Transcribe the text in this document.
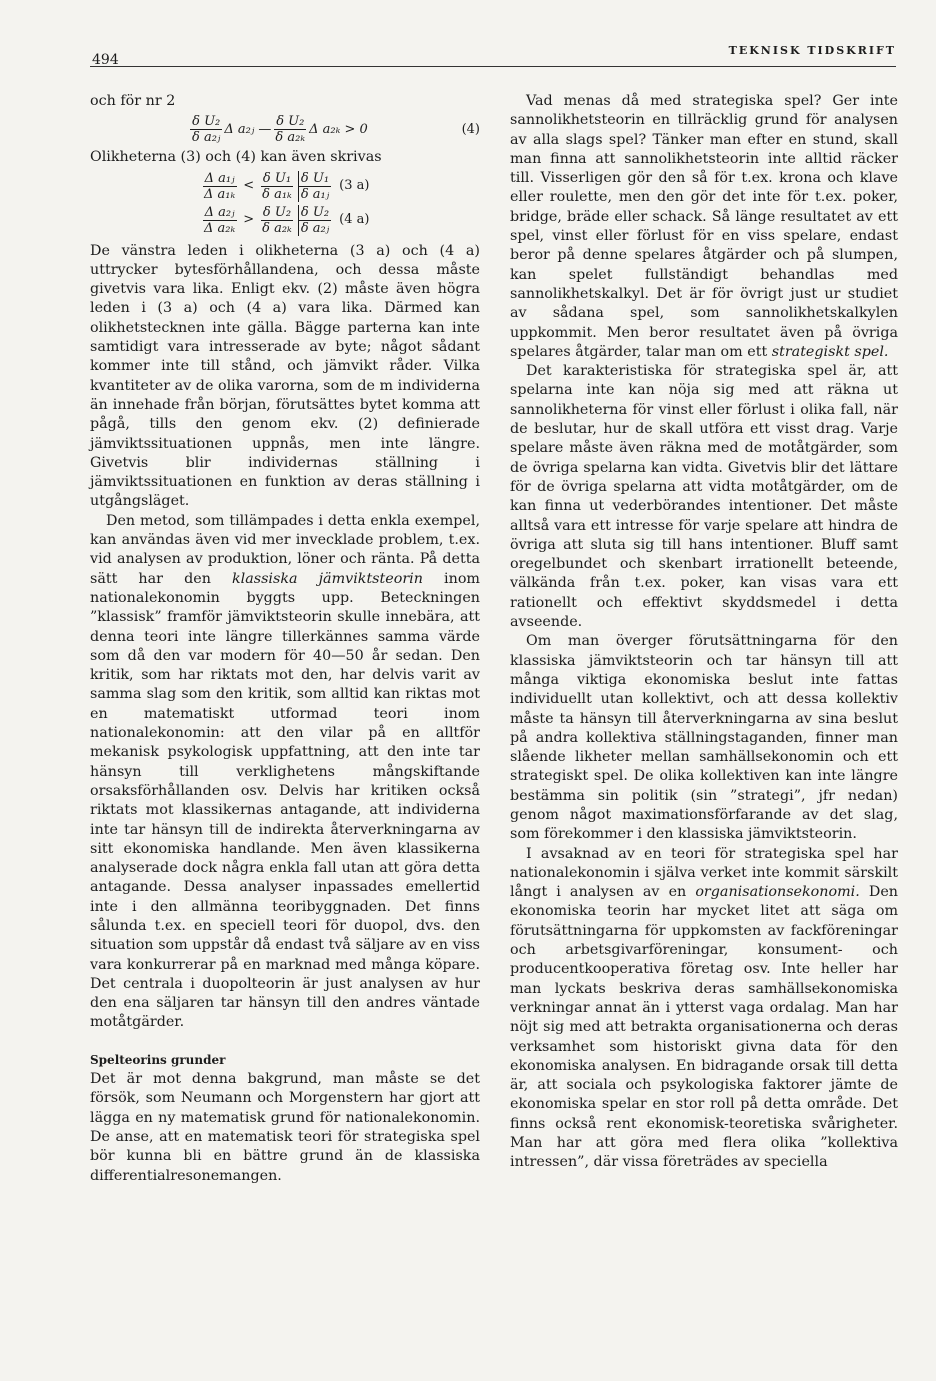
494
TEKNISK TIDSKRIFT

och för nr 2

$\frac{\text{δ U₂}}{\text{δ a₂ⱼ}}$ Δ a₂ⱼ — $\frac{\text{δ U₂}}{\text{δ a₂ₖ}}$ Δ a₂ₖ > 0	(4)

Olikheterna (3) och (4) kan även skrivas

$\frac{\text{Δ a₁ⱼ}}{\text{Δ a₁ₖ}} < \frac{\text{δ U₁}}{\text{δ a₁ₖ}} \frac{\text{δ U₁}}{\text{δ a₁ⱼ}} (3$ a)
$\frac{\text{Δ a₂ⱼ}}{\text{Δ a₂ₖ}} > \frac{\text{δ U₂}}{\text{δ a₂ₖ}} \frac{\text{δ U₂}}{\text{δ a₂ⱼ}} (4$ a)

De vänstra leden i olikheterna (3 a) och (4 a) uttrycker bytesförhållandena, och dessa måste givetvis vara lika. Enligt ekv. (2) måste även högra leden i (3 a) och (4 a) vara lika. Därmed kan olikhetstecknen inte gälla. Bägge parterna kan inte samtidigt vara intresserade av byte; något sådant kommer inte till stånd, och jämvikt råder. Vilka kvantiteter av de olika varorna, som de m individerna än innehade från början, förutsättes bytet komma att pågå, tills den genom ekv. (2) definierade jämviktssituationen uppnås, men inte längre. Givetvis blir individernas ställning i jämviktssituationen en funktion av deras ställning i utgångsläget.

Den metod, som tillämpades i detta enkla exempel, kan användas även vid mer invecklade problem, t.ex. vid analysen av produktion, löner och ränta. På detta sätt har den klassiska jämviktsteorin inom nationalekonomin byggts upp. Beteckningen ”klassisk” framför jämviktsteorin skulle innebära, att denna teori inte längre tillerkännes samma värde som då den var modern för 40—50 år sedan. Den kritik, som har riktats mot den, har delvis varit av samma slag som den kritik, som alltid kan riktas mot en matematiskt utformad teori inom nationalekonomin: att den vilar på en alltför mekanisk psykologisk uppfattning, att den inte tar hänsyn till verklighetens mångskiftande orsaksförhållanden osv. Delvis har kritiken också riktats mot klassikernas antagande, att individerna inte tar hänsyn till de indirekta återverkningarna av sitt ekonomiska handlande. Men även klassikerna analyserade dock några enkla fall utan att göra detta antagande. Dessa analyser inpassades emellertid inte i den allmänna teoribyggnaden. Det finns sålunda t.ex. en speciell teori för duopol, dvs. den situation som uppstår då endast två säljare av en viss vara konkurrerar på en marknad med många köpare. Det centrala i duopolteorin är just analysen av hur den ena säljaren tar hänsyn till den andres väntade motåtgärder.

Spelteorins grunder

Det är mot denna bakgrund, man måste se det försök, som Neumann och Morgenstern har gjort att lägga en ny matematisk grund för nationalekonomin. De anse, att en matematisk teori för strategiska spel bör kunna bli en bättre grund än de klassiska differentialresonemangen.

Vad menas då med strategiska spel? Ger inte sannolikhetsteorin en tillräcklig grund för analysen av alla slags spel? Tänker man efter en stund, skall man finna att sannolikhetsteorin inte alltid räcker till. Visserligen gör den så för t.ex. krona och klave eller roulette, men den gör det inte för t.ex. poker, bridge, bräde eller schack. Så länge resultatet av ett spel, vinst eller förlust för en viss spelare, endast beror på denne spelares åtgärder och på slumpen, kan spelet fullständigt behandlas med sannolikhetskalkyl. Det är för övrigt just ur studiet av sådana spel, som sannolikhetskalkylen uppkommit. Men beror resultatet även på övriga spelares åtgärder, talar man om ett strategiskt spel.

Det karakteristiska för strategiska spel är, att spelarna inte kan nöja sig med att räkna ut sannolikheterna för vinst eller förlust i olika fall, när de beslutar, hur de skall utföra ett visst drag. Varje spelare måste även räkna med de motåtgärder, som de övriga spelarna kan vidta. Givetvis blir det lättare för de övriga spelarna att vidta motåtgärder, om de kan finna ut vederbörandes intentioner. Det måste alltså vara ett intresse för varje spelare att hindra de övriga att sluta sig till hans intentioner. Bluff samt oregelbundet och skenbart irrationellt beteende, välkända från t.ex. poker, kan visas vara ett rationellt och effektivt skyddsmedel i detta avseende.

Om man överger förutsättningarna för den klassiska jämviktsteorin och tar hänsyn till att många viktiga ekonomiska beslut inte fattas individuellt utan kollektivt, och att dessa kollektiv måste ta hänsyn till återverkningarna av sina beslut på andra kollektiva ställningstaganden, finner man slående likheter mellan samhällsekonomin och ett strategiskt spel. De olika kollektiven kan inte längre bestämma sin politik (sin ”strategi”, jfr nedan) genom något maximationsförfarande av det slag, som förekommer i den klassiska jämviktsteorin.

I avsaknad av en teori för strategiska spel har nationalekonomin i själva verket inte kommit särskilt långt i analysen av en organisationsekonomi. Den ekonomiska teorin har mycket litet att säga om förutsättningarna för uppkomsten av fackföreningar och arbetsgivarföreningar, konsument- och producentkooperativa företag osv. Inte heller har man lyckats beskriva deras samhällsekonomiska verkningar annat än i ytterst vaga ordalag. Man har nöjt sig med att betrakta organisationerna och deras verksamhet som historiskt givna data för den ekonomiska analysen. En bidragande orsak till detta är, att sociala och psykologiska faktorer jämte de ekonomiska spelar en stor roll på detta område. Det finns också rent ekonomisk-teoretiska svårigheter. Man har att göra med flera olika ”kollektiva intressen”, där vissa företrädes av speciella
